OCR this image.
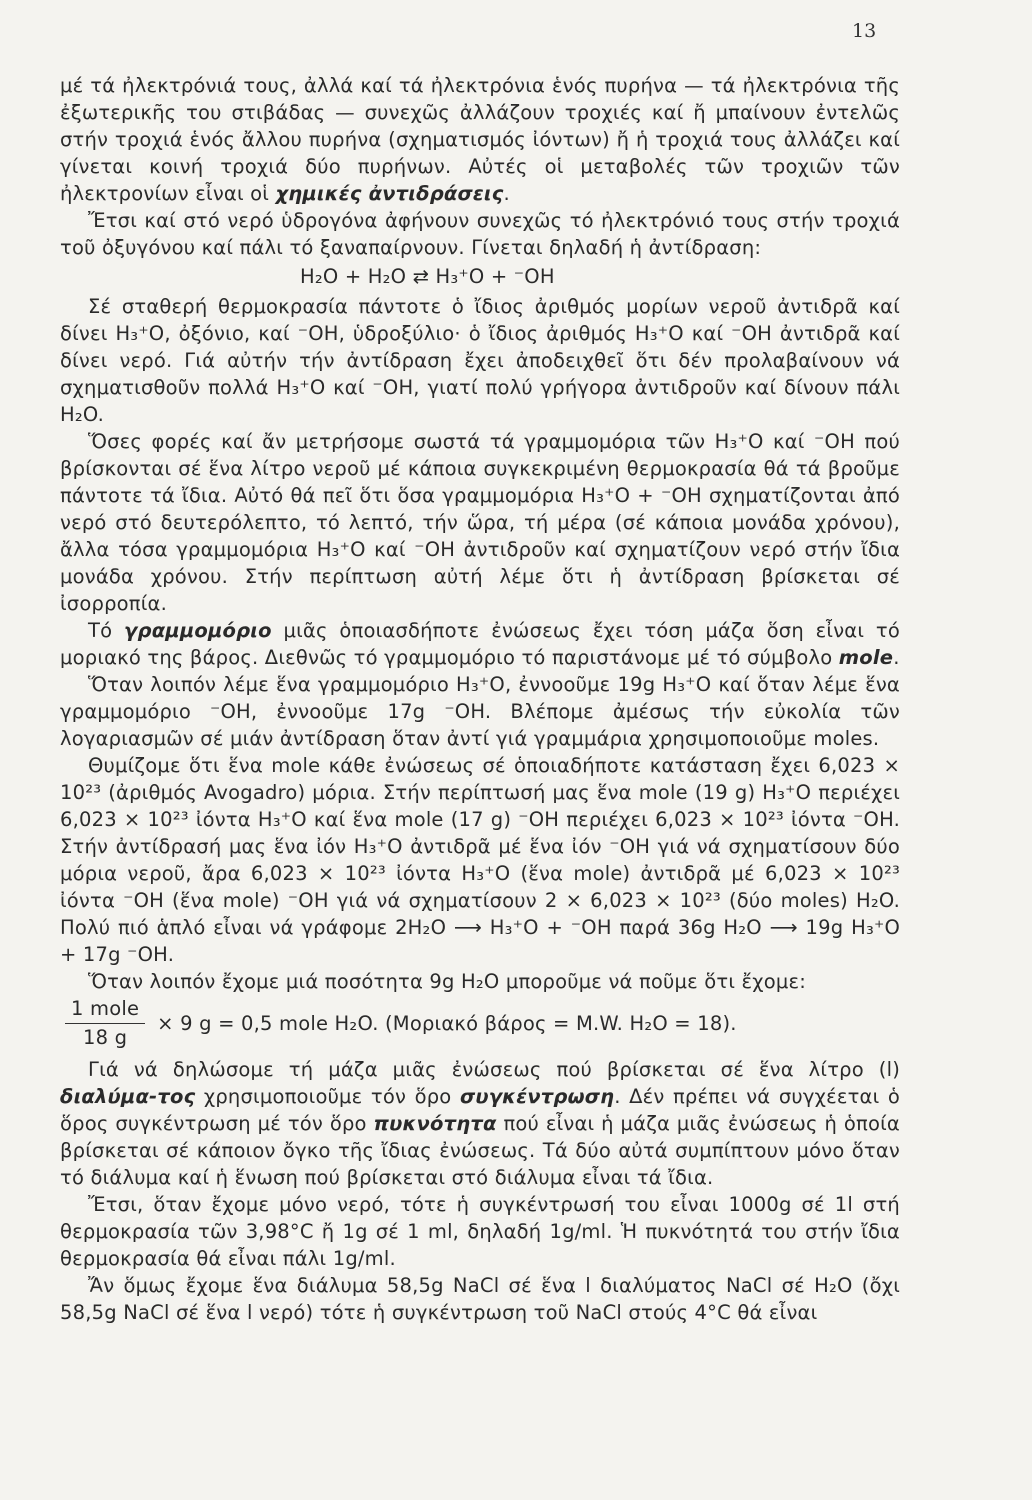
13

μέ τά ἠλεκτρόνιά τους, ἀλλά καί τά ἠλεκτρόνια ἑνός πυρήνα — τά ἠλεκτρόνια τῆς ἐξωτερικῆς του στιβάδας — συνεχῶς ἀλλάζουν τροχιές καί ἤ μπαίνουν ἐντελῶς στήν τροχιά ἑνός ἄλλου πυρήνα (σχηματισμός ἰόντων) ἤ ἡ τροχιά τους ἀλλάζει καί γίνεται κοινή τροχιά δύο πυρήνων. Αὐτές οἱ μεταβολές τῶν τροχιῶν τῶν ἠλεκτρονίων εἶναι οἱ χημικές ἀντιδράσεις.

Ἔτσι καί στό νερό ὑδρογόνα ἀφήνουν συνεχῶς τό ἠλεκτρόνιό τους στήν τροχιά τοῦ ὀξυγόνου καί πάλι τό ξαναπαίρνουν. Γίνεται δηλαδή ἡ ἀντίδραση:

H₂O + H₂O ⇄ H₃⁺O + ⁻OH

Σέ σταθερή θερμοκρασία πάντοτε ὁ ἴδιος ἀριθμός μορίων νεροῦ ἀντιδρᾶ καί δίνει H₃⁺O, ὀξόνιο, καί ⁻OH, ὑδροξύλιο· ὁ ἴδιος ἀριθμός H₃⁺O καί ⁻OH ἀντιδρᾶ καί δίνει νερό. Γιά αὐτήν τήν ἀντίδραση ἔχει ἀποδειχθεῖ ὅτι δέν προλαβαίνουν νά σχηματισθοῦν πολλά H₃⁺O καί ⁻OH, γιατί πολύ γρήγορα ἀντιδροῦν καί δίνουν πάλι H₂O.

Ὅσες φορές καί ἄν μετρήσομε σωστά τά γραμμομόρια τῶν H₃⁺O καί ⁻OH πού βρίσκονται σέ ἕνα λίτρο νεροῦ μέ κάποια συγκεκριμένη θερμοκρασία θά τά βροῦμε πάντοτε τά ἴδια. Αὐτό θά πεῖ ὅτι ὅσα γραμμομόρια H₃⁺O + ⁻OH σχηματίζονται ἀπό νερό στό δευτερόλεπτο, τό λεπτό, τήν ὥρα, τή μέρα (σέ κάποια μονάδα χρόνου), ἄλλα τόσα γραμμομόρια H₃⁺O καί ⁻OH ἀντιδροῦν καί σχηματίζουν νερό στήν ἴδια μονάδα χρόνου. Στήν περίπτωση αὐτή λέμε ὅτι ἡ ἀντίδραση βρίσκεται σέ ἰσορροπία.

Τό γραμμομόριο μιᾶς ὁποιασδήποτε ἐνώσεως ἔχει τόση μάζα ὅση εἶναι τό μοριακό της βάρος. Διεθνῶς τό γραμμομόριο τό παριστάνομε μέ τό σύμβολο mole.

Ὅταν λοιπόν λέμε ἕνα γραμμομόριο H₃⁺O, ἐννοοῦμε 19g H₃⁺O καί ὅταν λέμε ἕνα γραμμομόριο ⁻OH, ἐννοοῦμε 17g ⁻OH. Βλέπομε ἀμέσως τήν εὐκολία τῶν λογαριασμῶν σέ μιάν ἀντίδραση ὅταν ἀντί γιά γραμμάρια χρησιμοποιοῦμε moles.

Θυμίζομε ὅτι ἕνα mole κάθε ἐνώσεως σέ ὁποιαδήποτε κατάσταση ἔχει 6,023 × 10²³ (ἀριθμός Avogadro) μόρια. Στήν περίπτωσή μας ἕνα mole (19 g) H₃⁺O περιέχει 6,023 × 10²³ ἰόντα H₃⁺O καί ἕνα mole (17 g) ⁻OH περιέχει 6,023 × 10²³ ἰόντα ⁻OH. Στήν ἀντίδρασή μας ἕνα ἰόν H₃⁺O ἀντιδρᾶ μέ ἕνα ἰόν ⁻OH γιά νά σχηματίσουν δύο μόρια νεροῦ, ἄρα 6,023 × 10²³ ἰόντα H₃⁺O (ἕνα mole) ἀντιδρᾶ μέ 6,023 × 10²³ ἰόντα ⁻OH (ἕνα mole) ⁻OH γιά νά σχηματίσουν 2 × 6,023 × 10²³ (δύο moles) H₂O. Πολύ πιό ἁπλό εἶναι νά γράφομε 2H₂O ⟶ H₃⁺O + ⁻OH παρά 36g H₂O ⟶ 19g H₃⁺O + 17g ⁻OH.

Ὅταν λοιπόν ἔχομε μιά ποσότητα 9g H₂O μποροῦμε νά ποῦμε ὅτι ἔχομε:

$\frac{\text{1 mole}}{18 g} \times 9$ g = 0,5 mole H₂O. (Μοριακό βάρος = M.W. H₂O = 18).

Γιά νά δηλώσομε τή μάζα μιᾶς ἐνώσεως πού βρίσκεται σέ ἕνα λίτρο (l) διαλύμα-τος χρησιμοποιοῦμε τόν ὅρο συγκέντρωση. Δέν πρέπει νά συγχέεται ὁ ὅρος συγκέντρωση μέ τόν ὅρο πυκνότητα πού εἶναι ἡ μάζα μιᾶς ἐνώσεως ἡ ὁποία βρίσκεται σέ κάποιον ὄγκο τῆς ἴδιας ἐνώσεως. Τά δύο αὐτά συμπίπτουν μόνο ὅταν τό διάλυμα καί ἡ ἕνωση πού βρίσκεται στό διάλυμα εἶναι τά ἴδια.

Ἔτσι, ὅταν ἔχομε μόνο νερό, τότε ἡ συγκέντρωσή του εἶναι 1000g σέ 1l στή θερμοκρασία τῶν 3,98°C ἤ 1g σέ 1 ml, δηλαδή 1g/ml. Ἡ πυκνότητά του στήν ἴδια θερμοκρασία θά εἶναι πάλι 1g/ml.

Ἄν ὅμως ἔχομε ἕνα διάλυμα 58,5g NaCl σέ ἕνα l διαλύματος NaCl σέ H₂O (ὄχι 58,5g NaCl σέ ἕνα l νερό) τότε ἡ συγκέντρωση τοῦ NaCl στούς 4°C θά εἶναι
